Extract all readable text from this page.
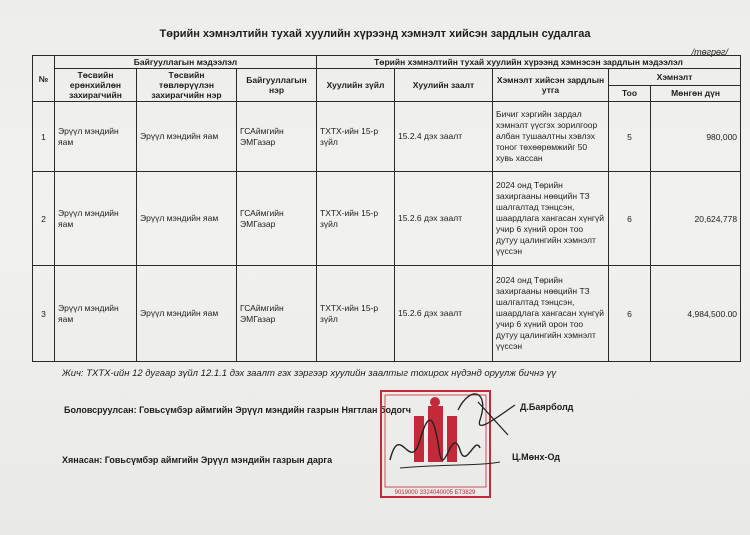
Төрийн хэмнэлтийн тухай хуулийн хүрээнд хэмнэлт хийсэн зардлын судалгаа
/төгрөг/
№	Байгууллагын мэдээлэл			Төрийн хэмнэлтийн тухай хуулийн хүрээнд хэмнэсэн зардлын мэдээлэл				
	Төсвийн ерөнхийлөн захирагчийн	Төсвийн төвлөрүүлэн захирагчийн нэр	Байгууллагын нэр	Хуулийн зүйл	Хуулийн заалт	Хэмнэлт хийсэн зардлын утга	Хэмнэлт	
							Тоо	Мөнгөн дүн
1	Эрүүл мэндийн яам	Эрүүл мэндийн яам	ГСАймгийн ЭМГазар	ТХТХ-ийн 15-р зүйл	15.2.4 дэх заалт	Бичиг хэргийн зардал хэмнэлт үүсгэх зорилгоор албан тушаалтны хэвлэх тоног төхөөрөмжийг 50 хувь хассан	5	980,000
2	Эрүүл мэндийн яам	Эрүүл мэндийн яам	ГСАймгийн ЭМГазар	ТХТХ-ийн 15-р зүйл	15.2.6 дэх заалт	2024 онд Төрийн захиргааны нөөцийн ТЗ шалгалтад тэнцсэн, шаардлага хангасан хүнгүй учир 6 хүний орон тоо дутуу цалингийн хэмнэлт үүссэн	6	20,624,778
3	Эрүүл мэндийн яам	Эрүүл мэндийн яам	ГСАймгийн ЭМГазар	ТХТХ-ийн 15-р зүйл	15.2.6 дэх заалт	2024 онд Төрийн захиргааны нөөцийн ТЗ шалгалтад тэнцсэн, шаардлага хангасан хүнгүй учир 6 хүний орон тоо дутуу цалингийн хэмнэлт үүссэн	6	4,984,500.00
Жич: ТХТХ-ийн 12 дугаар зүйл 12.1.1 дэх заалт гэх зэргээр хуулийн заалтыг тохирох нүдэнд оруулж бичнэ үү
Боловсруулсан: Говьсүмбэр аймгийн Эрүүл мэндийн газрын Нягтлан бодогч	Д.Баярболд
Хянасан: Говьсүмбэр аймгийн Эрүүл мэндийн газрын дарга	Ц.Мөнх-Од
9019000 3324040005 БТ3829
